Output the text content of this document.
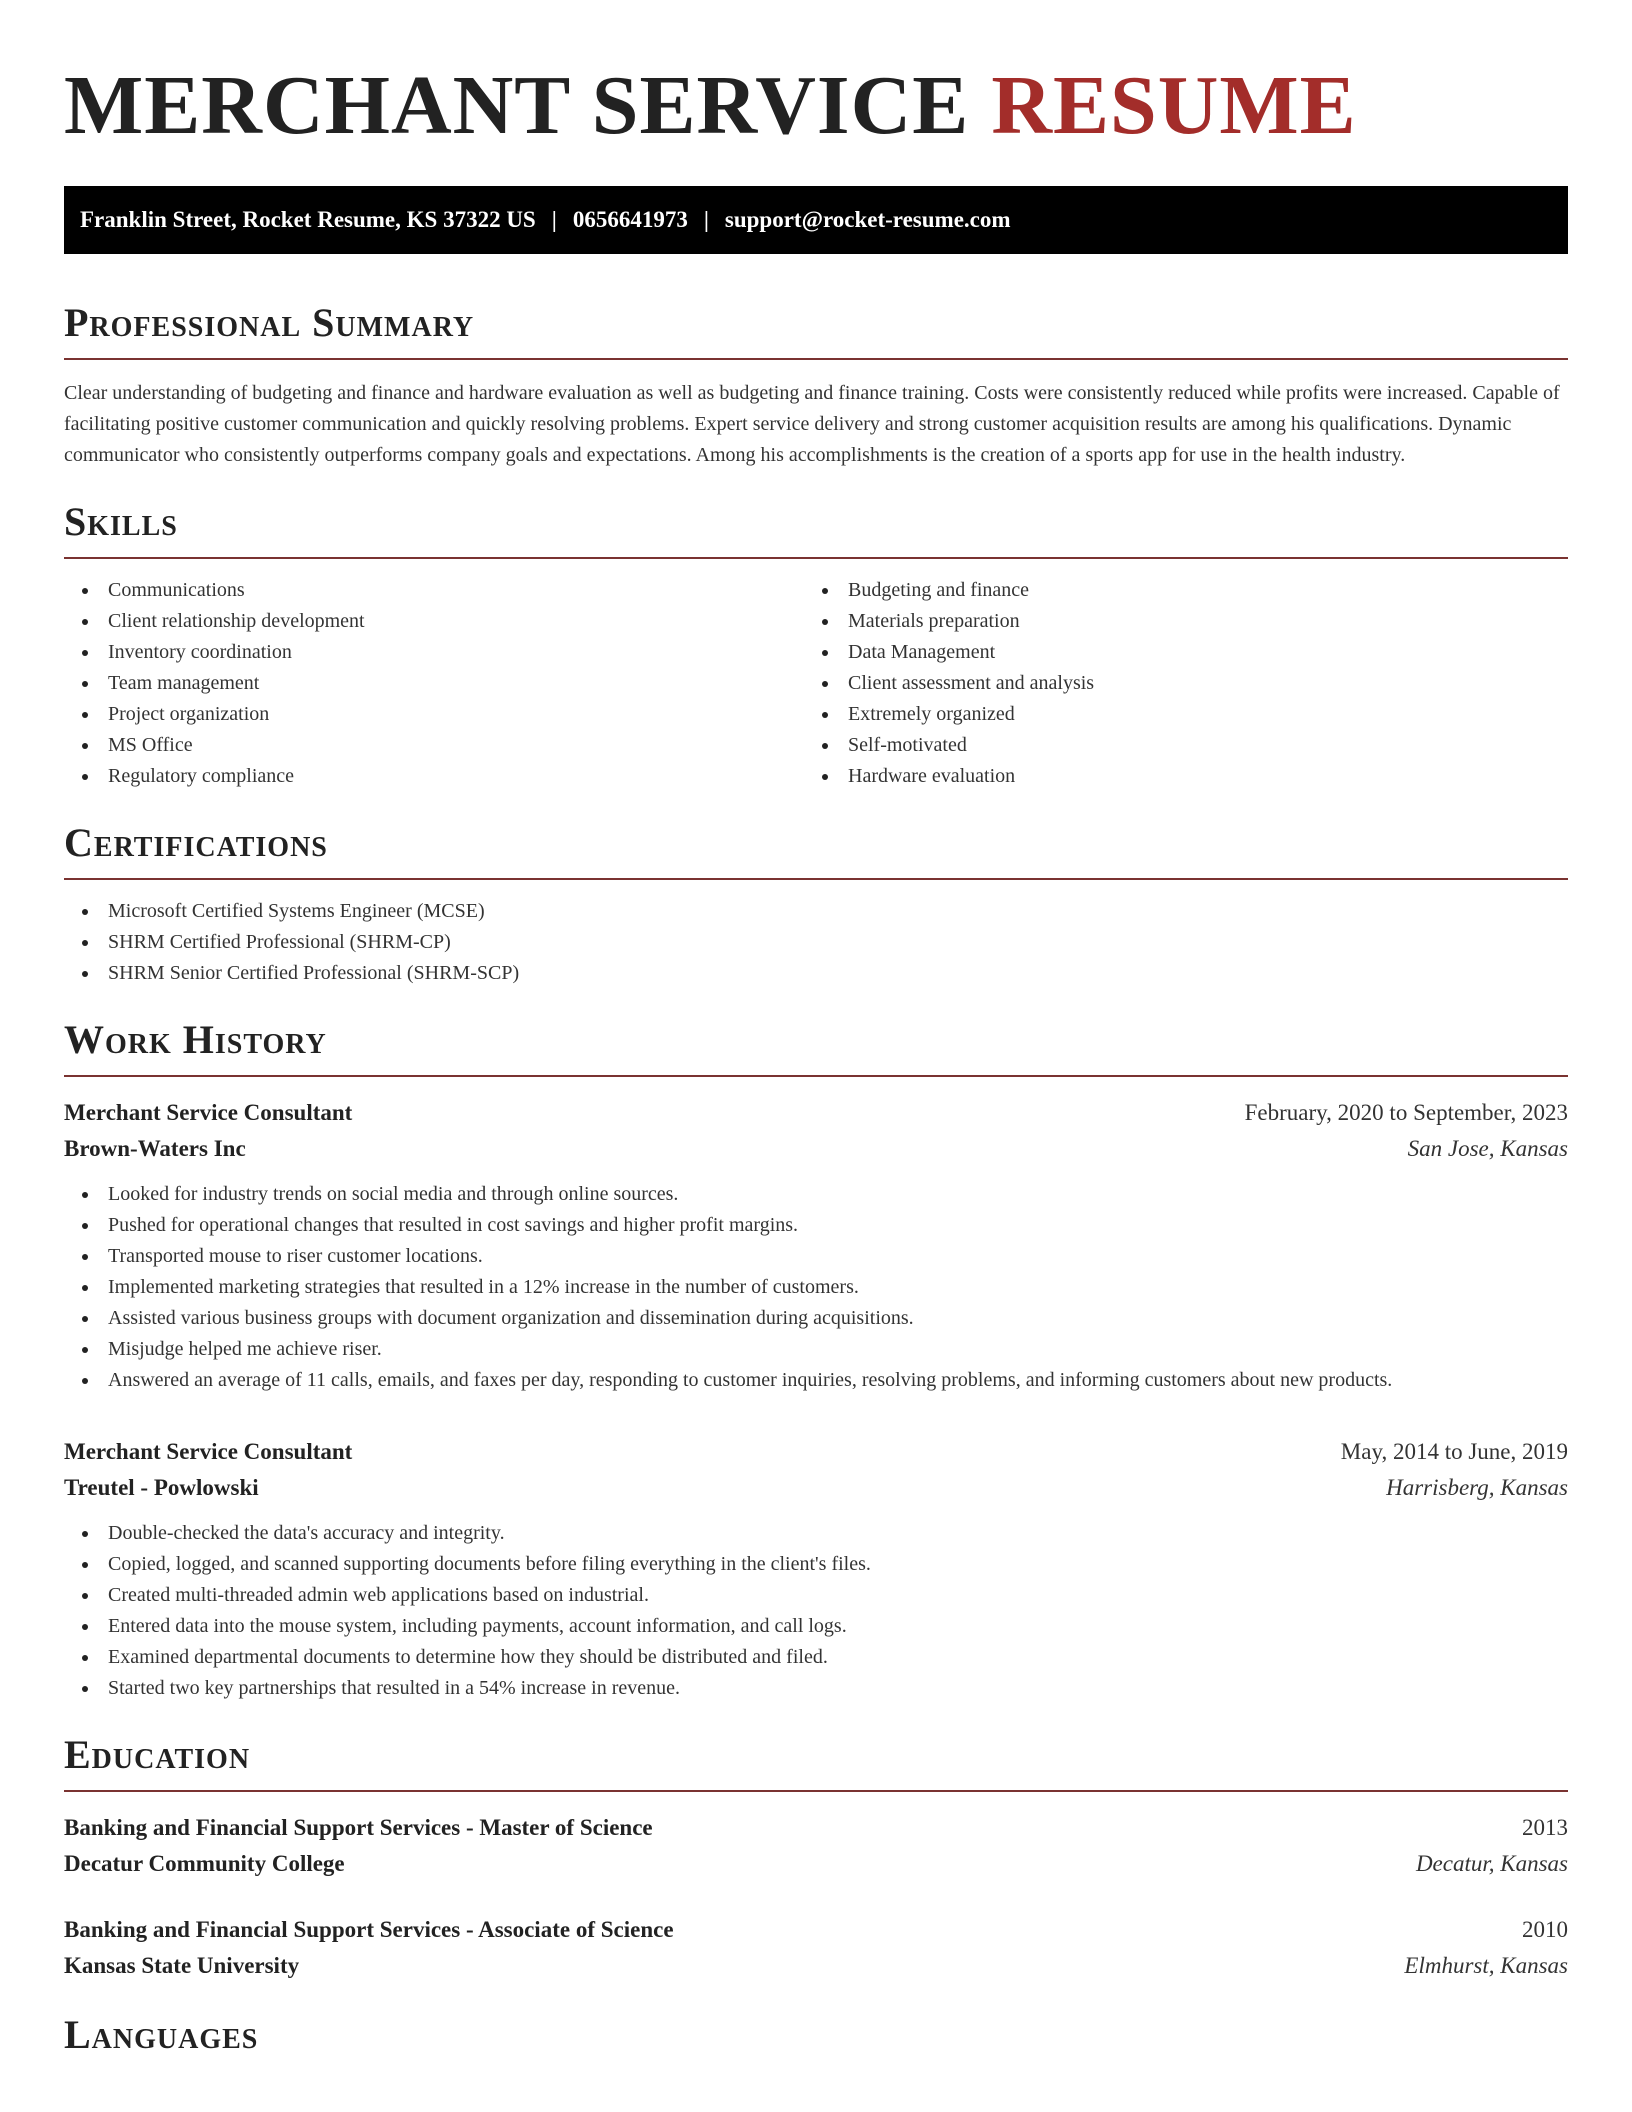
MERCHANT SERVICE RESUME
Franklin Street, Rocket Resume, KS 37322 US | 0656641973 | support@rocket-resume.com
Professional Summary

Clear understanding of budgeting and finance and hardware evaluation as well as budgeting and finance training. Costs were consistently reduced while profits were increased. Capable of facilitating positive customer communication and quickly resolving problems. Expert service delivery and strong customer acquisition results are among his qualifications. Dynamic communicator who consistently outperforms company goals and expectations. Among his accomplishments is the creation of a sports app for use in the health industry.

Skills
Communications
Client relationship development
Inventory coordination
Team management
Project organization
MS Office
Regulatory compliance
Budgeting and finance
Materials preparation
Data Management
Client assessment and analysis
Extremely organized
Self-motivated
Hardware evaluation
Certifications
Microsoft Certified Systems Engineer (MCSE)
SHRM Certified Professional (SHRM-CP)
SHRM Senior Certified Professional (SHRM-SCP)
Work History
Merchant Service Consultant	February, 2020 to September, 2023
Brown-Waters Inc	San Jose, Kansas
Looked for industry trends on social media and through online sources.
Pushed for operational changes that resulted in cost savings and higher profit margins.
Transported mouse to riser customer locations.
Implemented marketing strategies that resulted in a 12% increase in the number of customers.
Assisted various business groups with document organization and dissemination during acquisitions.
Misjudge helped me achieve riser.
Answered an average of 11 calls, emails, and faxes per day, responding to customer inquiries, resolving problems, and informing customers about new products.
Merchant Service Consultant	May, 2014 to June, 2019
Treutel - Powlowski	Harrisberg, Kansas
Double-checked the data's accuracy and integrity.
Copied, logged, and scanned supporting documents before filing everything in the client's files.
Created multi-threaded admin web applications based on industrial.
Entered data into the mouse system, including payments, account information, and call logs.
Examined departmental documents to determine how they should be distributed and filed.
Started two key partnerships that resulted in a 54% increase in revenue.
Education
Banking and Financial Support Services - Master of Science	2013
Decatur Community College	Decatur, Kansas
Banking and Financial Support Services - Associate of Science	2010
Kansas State University	Elmhurst, Kansas
Languages
